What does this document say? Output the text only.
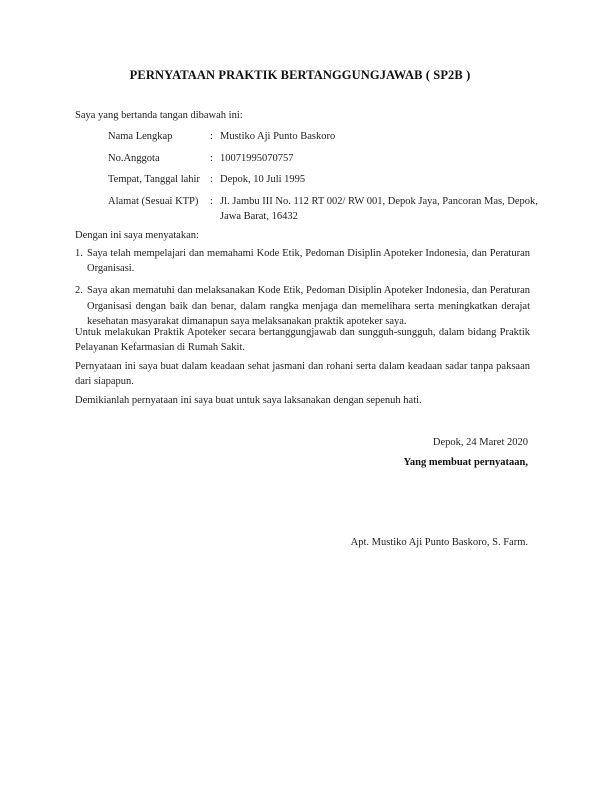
PERNYATAAN PRAKTIK BERTANGGUNGJAWAB ( SP2B )
Saya yang bertanda tangan dibawah ini:
Nama Lengkap	:	Mustiko Aji Punto Baskoro
No.Anggota	:	10071995070757
Tempat, Tanggal lahir	:	Depok, 10 Juli 1995
Alamat (Sesuai KTP)	:	Jl. Jambu III No. 112 RT 002/ RW 001, Depok Jaya, Pancoran Mas, Depok, Jawa Barat, 16432
Dengan ini saya menyatakan:
1. Saya telah mempelajari dan memahami Kode Etik, Pedoman Disiplin Apoteker Indonesia, dan Peraturan Organisasi.
2. Saya akan mematuhi dan melaksanakan Kode Etik, Pedoman Disiplin Apoteker Indonesia, dan Peraturan Organisasi dengan baik dan benar, dalam rangka menjaga dan memelihara serta meningkatkan derajat kesehatan masyarakat dimanapun saya melaksanakan praktik apoteker saya.
Untuk melakukan Praktik Apoteker secara bertanggungjawab dan sungguh-sungguh, dalam bidang Praktik Pelayanan Kefarmasian di Rumah Sakit.
Pernyataan ini saya buat dalam keadaan sehat jasmani dan rohani serta dalam keadaan sadar tanpa paksaan dari siapapun.
Demikianlah pernyataan ini saya buat untuk saya laksanakan dengan sepenuh hati.
Depok, 24 Maret 2020
Yang membuat pernyataan,
Apt. Mustiko Aji Punto Baskoro, S. Farm.
